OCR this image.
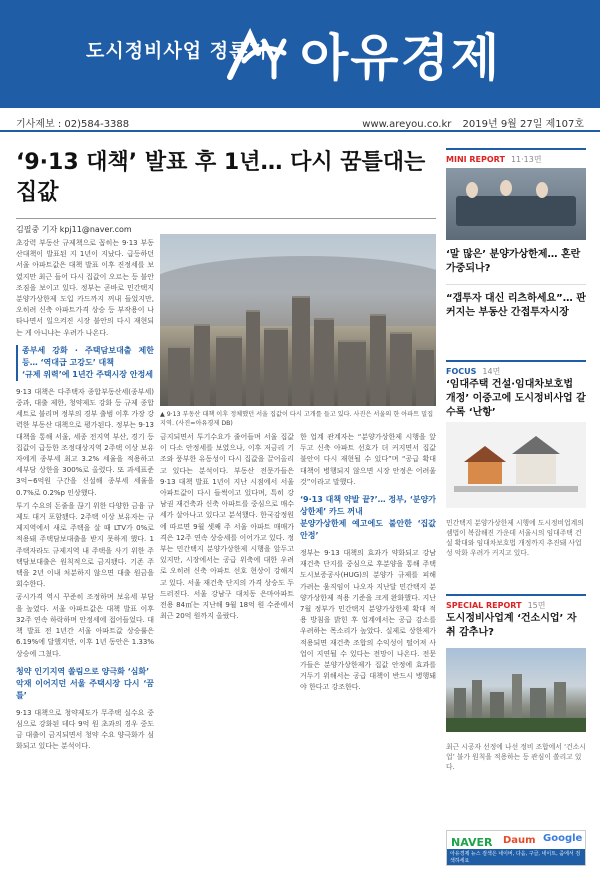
도시정비사업 정론지 아유경제
기사제보 : 02)584-3388	www.areyou.co.kr 2019년 9월 27일 제107호
‘9·13 대책’ 발표 후 1년… 다시 꿈틀대는 집값
김필중 기자 kpj11@naver.com

초강력 부동산 규제책으로 꼽히는 9·13 부동산대책이 발표된 지 1년이 지났다. 급등하던 서울 아파트값은 대책 발표 이후 진정세를 보였지만 최근 들어 다시 집값이 오르는 등 불안 조짐을 보이고 있다. 정부는 곧바로 민간택지 분양가상한제 도입 카드까지 꺼내 들었지만, 오히려 신축 아파트가격 상승 등 부작용이 나타나면서 일으켜진 시장 불안의 다시 재현되는 게 아니냐는 우려가 나온다.

종부세 강화 · 주택담보대출 제한 등… ‘역대급 고강도’ 대책
‘규제 위력’에 1년간 주택시장 안정세

9·13 대책은 다주택자 종합부동산세(종부세) 중과, 대출 제한, 청약제도 강화 등 규제 종합세트로 불리며 정부의 경부 출범 이후 가장 강력한 부동산 대책으로 평가된다. 정부는 9·13 대책을 통해 서울, 세종 전지역 부산, 경기 등 집값이 급등한 조정대상지역 2주택 이상 보유자에게 종부세 최고 3.2% 세율을 적용하고 세부담 상한을 300%로 올렸다. 또 과세표준 3억~6억원 구간을 신설해 종부세 세율을 0.7%로 0.2%p 인상했다.

투기 수요의 돈줄을 끊기 위한 다양한 금융 규제도 대거 포함됐다. 2주택 이상 보유자는 규제지역에서 새로 주택을 살 때 LTV가 0%로 적용돼 주택담보대출을 받지 못하게 했다. 1주택자라도 규제지역 내 주택을 사기 위한 주택담보대출은 원칙적으로 금지됐다. 기존 주택을 2년 이내 처분하지 않으면 대출 원금을 회수한다.

공시가격 역시 꾸준히 조정하며 보유세 부담을 높였다. 서울 아파트값은 대책 발표 이후 32주 연속 하락하며 안정세에 접어들었다. 대책 발표 전 1년간 서울 아파트값 상승률은 6.19%에 달했지만, 이후 1년 동안은 1.33% 상승에 그쳤다.

청약 인기지역 쏠림으로 양극화 ‘심화’
악재 이어지던 서울 주택시장 다시 ‘꿈틀’

9·13 대책으로 청약제도가 무주택 실수요 중심으로 강화된 데다 9억 원 초과의 경우 중도금 대출이 금지되면서 청약 수요 양극화가 심화되고 있다는 분석이다.

▲ 9·13 부동산 대책 이후 정체했던 서울 집값이 다시 고개를 들고 있다. 사진은 서울의 한 아파트 밀집 지역. (사진=아유경제 DB)

금지되면서 투기수요가 줄어들며 서울 집값이 다소 안정세를 보였으나, 이후 저금리 기조와 풍부한 유동성이 다시 집값을 끌어올리고 있다는 분석이다. 부동산 전문가들은 9·13 대책 발표 1년이 지난 시점에서 서울 아파트값이 다시 들썩이고 있다며, 특히 강남권 재건축과 신축 아파트를 중심으로 매수세가 살아나고 있다고 분석했다. 한국감정원에 따르면 9월 셋째 주 서울 아파트 매매가격은 12주 연속 상승세를 이어가고 있다. 정부는 민간택지 분양가상한제 시행을 앞두고 있지만, 시장에서는 공급 위축에 대한 우려로 오히려 신축 아파트 선호 현상이 강해지고 있다. 서울 재건축 단지의 가격 상승도 두드러진다. 서울 강남구 대치동 은마아파트 전용 84㎡는 지난해 9월 18억 원 수준에서 최근 20억 원까지 올랐다.

한 업계 관계자는 “분양가상한제 시행을 앞두고 신축 아파트 선호가 더 커지면서 집값 불안이 다시 재현될 수 있다”며 “공급 확대 대책이 병행되지 않으면 시장 안정은 어려울 것”이라고 말했다.

‘9·13 대책 약발 끝?’… 정부, ‘분양가상한제’ 카드 꺼내
분양가상한제 예고에도 불안한 ‘집값 안정’

정부는 9·13 대책의 효과가 약화되고 강남 재건축 단지를 중심으로 후분양을 통해 주택도시보증공사(HUG)의 분양가 규제를 피해가려는 움직임이 나오자 지난달 민간택지 분양가상한제 적용 기준을 크게 완화했다. 지난 7월 정부가 민간택지 분양가상한제 확대 적용 방침을 밝힌 후 업계에서는 공급 감소를 우려하는 목소리가 높았다. 실제로 상한제가 적용되면 재건축 조합의 수익성이 떨어져 사업이 지연될 수 있다는 전망이 나온다. 전문가들은 분양가상한제가 집값 안정에 효과를 거두기 위해서는 공급 대책이 반드시 병행돼야 한다고 강조한다.

MINI REPORT 11·13면
‘말 많은’ 분양가상한제… 혼란 가중되나?
“갭투자 대신 리츠하세요”… 판 커지는 부동산 간접투자시장
FOCUS 14면
‘임대주택 건설·임대차보호법 개정’ 이중고에 도시정비사업 갈수록 ‘난항’
민간택지 분양가상한제 시행에 도시정비업계의 셈법이 복잡해진 가운데 서울시의 임대주택 건설 확대와 임대차보호법 개정까지 추진돼 사업성 악화 우려가 커지고 있다.
SPECIAL REPORT 15면
도시정비사업계 ‘건소시업’ 자취 감추나?
최근 시공자 선정에 나선 정비 조합에서 ‘건소시업’ 불가 원칙을 적용하는 등 관심이 쏠리고 있다.
NAVER Daum Google
아유경제 뉴스 검색은 네이버, 다음, 구글, 네이트, 줌에서 검색하세요
